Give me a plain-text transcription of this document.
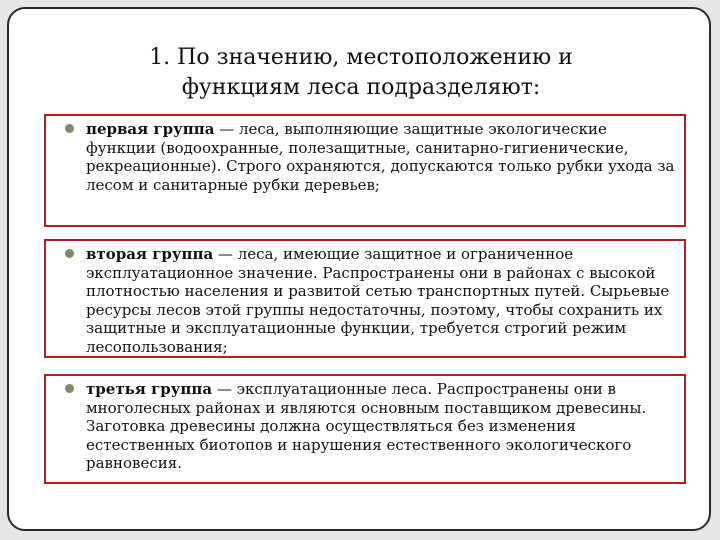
1. По значению, местоположению и
функциям леса подразделяют:
первая группа — леса, выполняющие защитные экологические функции (водоохранные, полезащитные, санитарно-гигиенические, рекреационные). Строго охраняются, допускаются только рубки ухода за лесом и санитарные рубки деревьев;
вторая группа — леса, имеющие защитное и ограниченное эксплуатационное значение. Распространены они в районах с высокой плотностью населения и развитой сетью транспортных путей. Сырьевые ресурсы лесов этой группы недостаточны, поэтому, чтобы сохранить их защитные и эксплуатационные функции, требуется строгий режим лесопользования;
третья группа — эксплуатационные леса. Распространены они в многолесных районах и являются основным поставщиком древесины. Заготовка древесины должна осуществляться без изменения естественных биотопов и нарушения естественного экологического равновесия.
